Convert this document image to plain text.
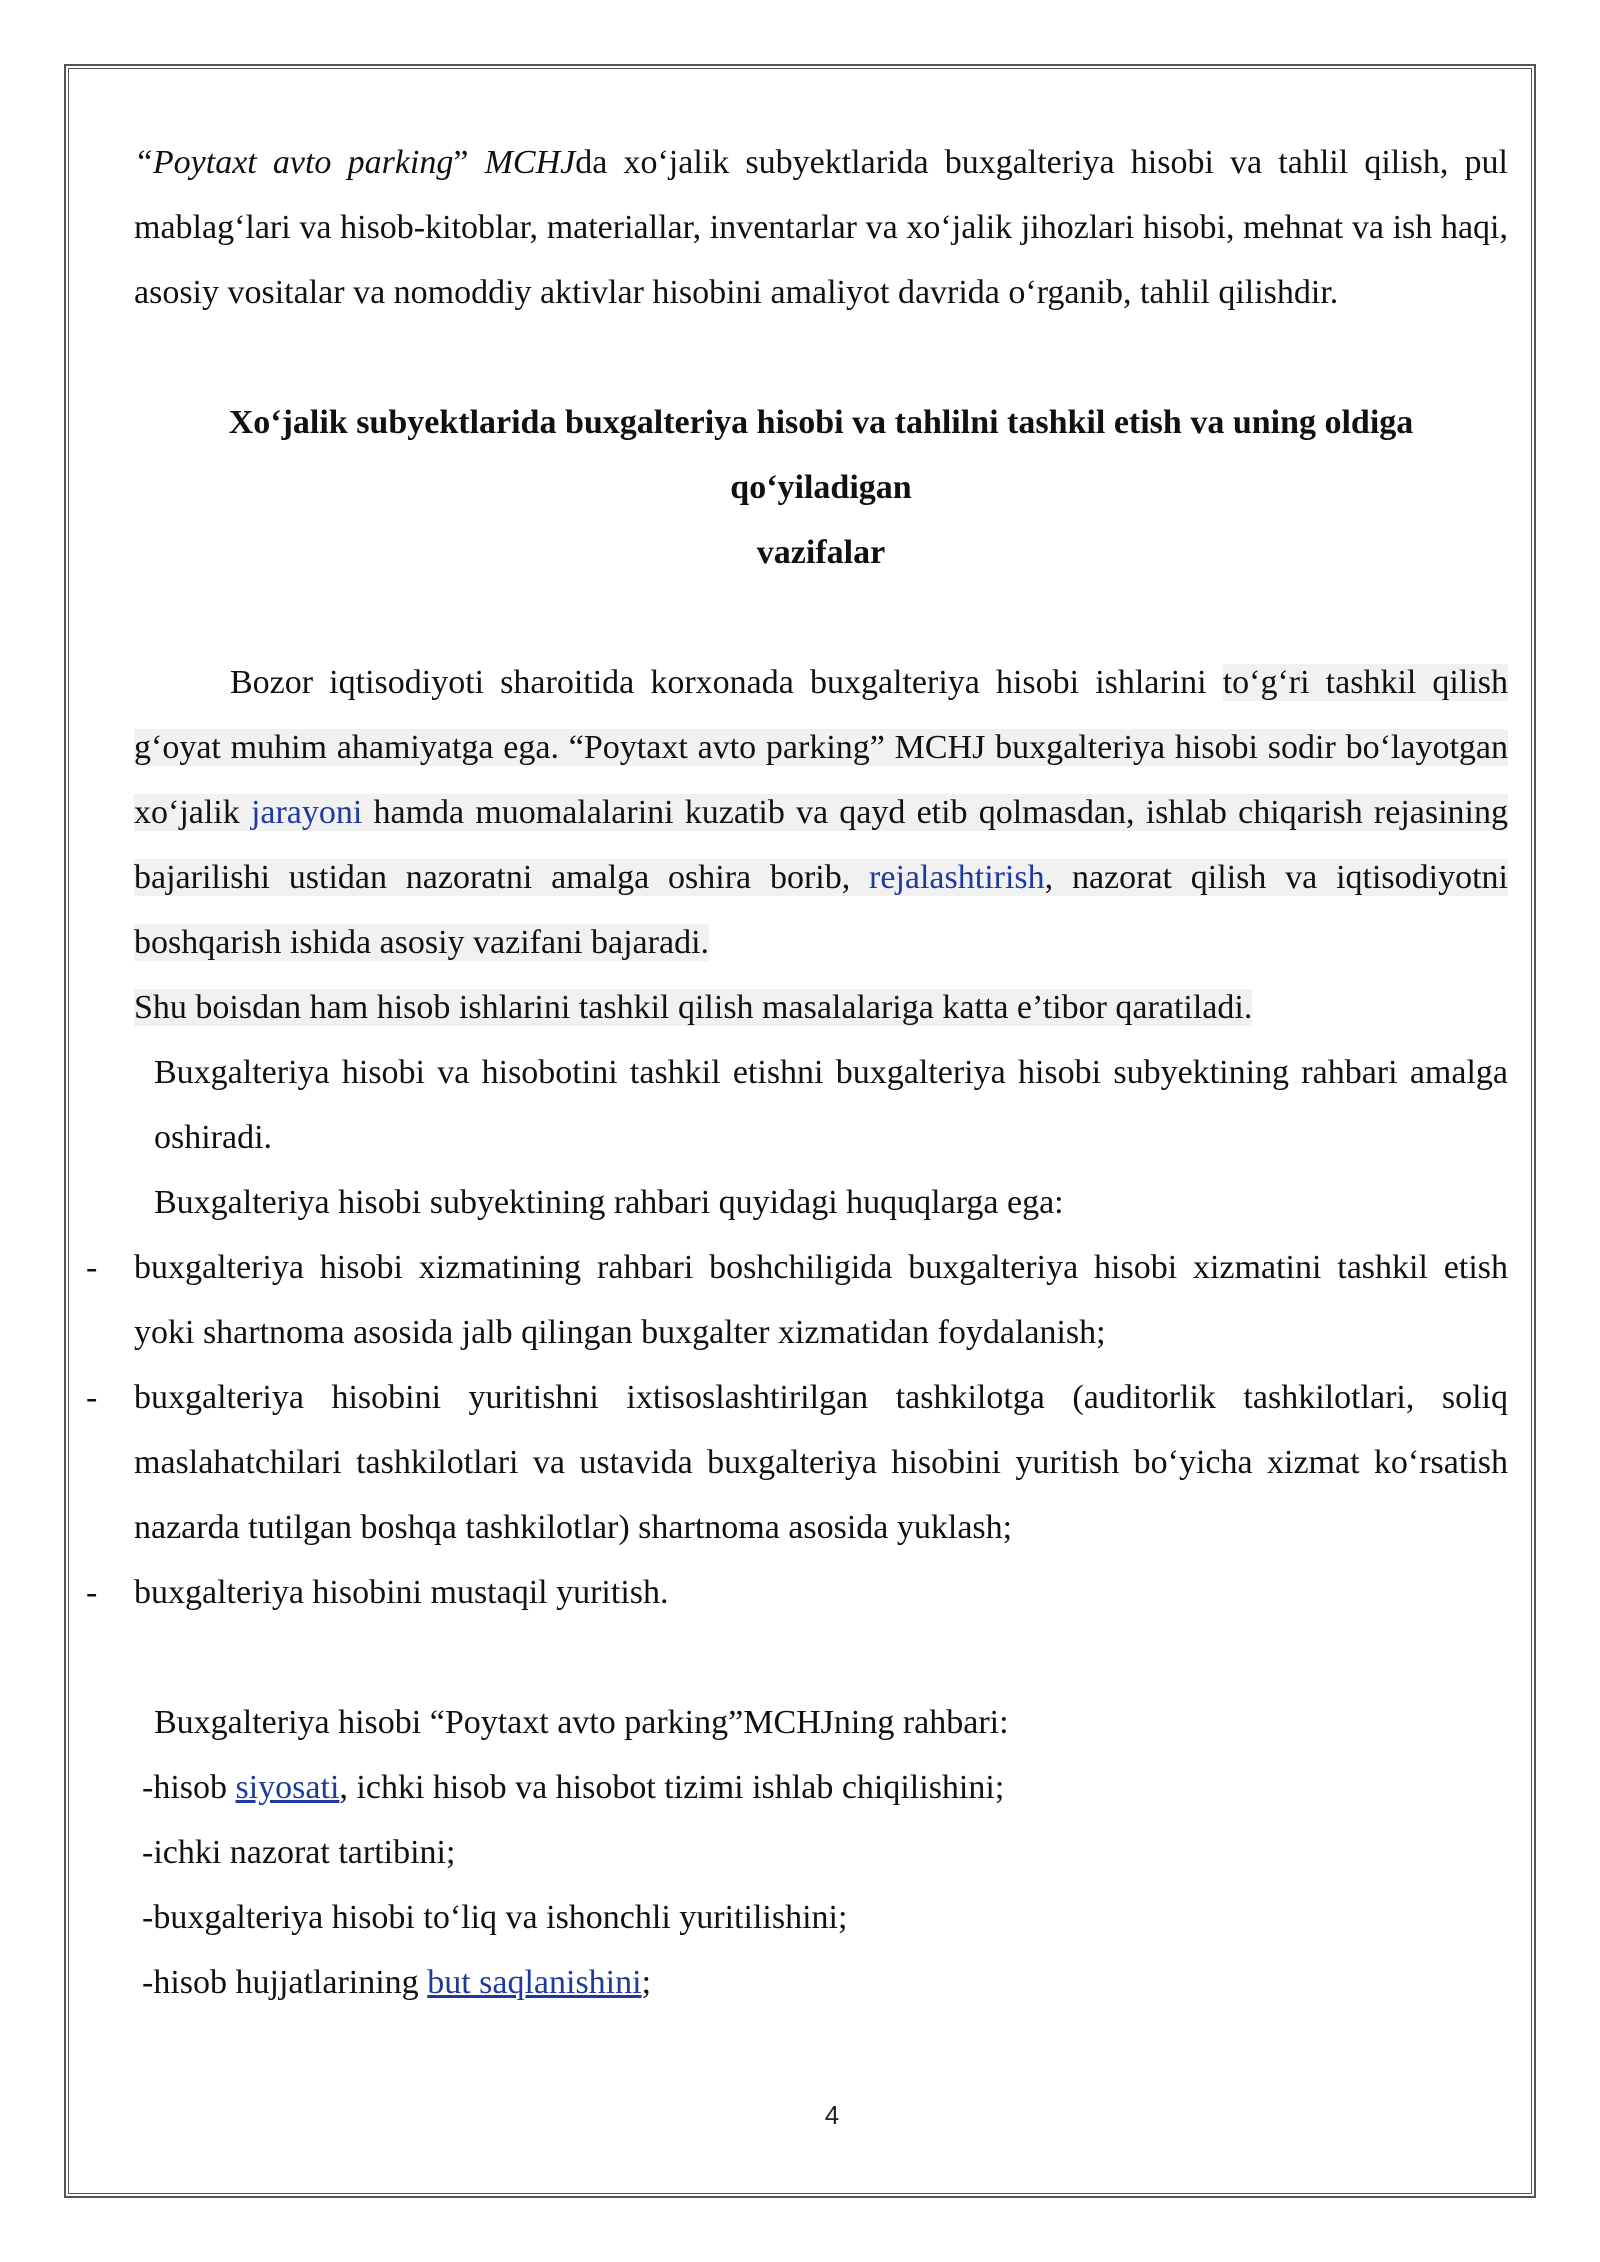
“Poytaxt avto parking” MCHJda xo‘jalik subyektlarida buxgalteriya hisobi va tahlil qilish, pul mablag‘lari va hisob-kitoblar, materiallar, inventarlar va xo‘jalik jihozlari hisobi, mehnat va ish haqi, asosiy vositalar va nomoddiy aktivlar hisobini amaliyot davrida o‘rganib, tahlil qilishdir.

Xo‘jalik subyektlarida buxgalteriya hisobi va tahlilni tashkil etish va uning oldiga

qo‘yiladigan

vazifalar

Bozor iqtisodiyoti sharoitida korxonada buxgalteriya hisobi ishlarini to‘g‘ri tashkil qilish g‘oyat muhim ahamiyatga ega. “Poytaxt avto parking” MCHJ buxgalteriya hisobi sodir bo‘layotgan xo‘jalik jarayoni hamda muomalalarini kuzatib va qayd etib qolmasdan, ishlab chiqarish rejasining bajarilishi ustidan nazoratni amalga oshira borib, rejalashtirish, nazorat qilish va iqtisodiyotni boshqarish ishida asosiy vazifani bajaradi.

Shu boisdan ham hisob ishlarini tashkil qilish masalalariga katta e’tibor qaratiladi.

Buxgalteriya hisobi va hisobotini tashkil etishni buxgalteriya hisobi subyektining rahbari amalga oshiradi.

Buxgalteriya hisobi subyektining rahbari quyidagi huquqlarga ega:

- buxgalteriya hisobi xizmatining rahbari boshchiligida buxgalteriya hisobi xizmatini tashkil etish yoki shartnoma asosida jalb qilingan buxgalter xizmatidan foydalanish;

- buxgalteriya hisobini yuritishni ixtisoslashtirilgan tashkilotga (auditorlik tashkilotlari, soliq maslahatchilari tashkilotlari va ustavida buxgalteriya hisobini yuritish bo‘yicha xizmat ko‘rsatish nazarda tutilgan boshqa tashkilotlar) shartnoma asosida yuklash;

- buxgalteriya hisobini mustaqil yuritish.

Buxgalteriya hisobi “Poytaxt avto parking”MCHJning rahbari:

-hisob siyosati, ichki hisob va hisobot tizimi ishlab chiqilishini;

-ichki nazorat tartibini;

-buxgalteriya hisobi to‘liq va ishonchli yuritilishini;

-hisob hujjatlarining but saqlanishini;

4
